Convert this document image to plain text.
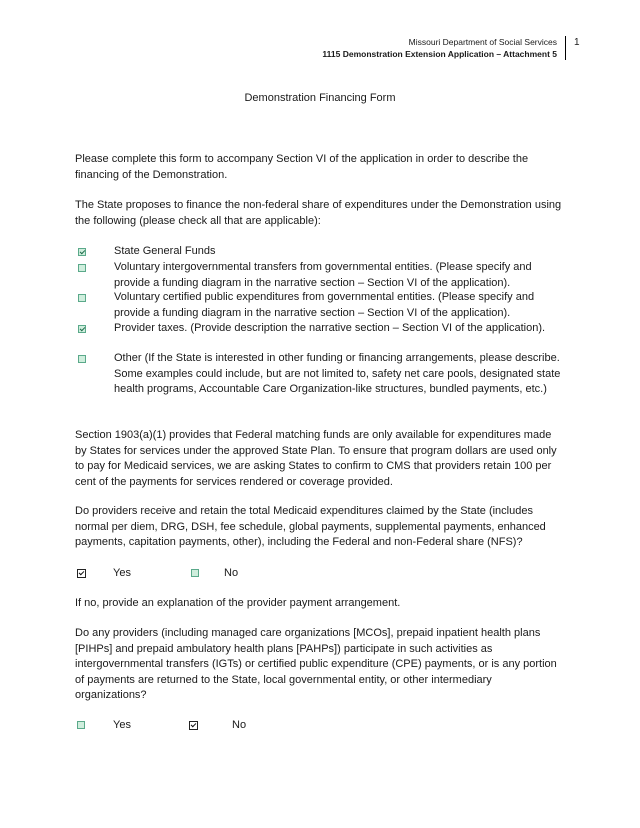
Missouri Department of Social Services
1115 Demonstration Extension Application – Attachment 5
1
Demonstration Financing Form

Please complete this form to accompany Section VI of the application in order to describe the financing of the Demonstration.

The State proposes to finance the non-federal share of expenditures under the Demonstration using the following (please check all that are applicable):

State General Funds
Voluntary intergovernmental transfers from governmental entities. (Please specify and provide a funding diagram in the narrative section – Section VI of the application).
Voluntary certified public expenditures from governmental entities. (Please specify and provide a funding diagram in the narrative section – Section VI of the application).
Provider taxes. (Provide description the narrative section – Section VI of the application).
Other (If the State is interested in other funding or financing arrangements, please describe. Some examples could include, but are not limited to, safety net care pools, designated state health programs, Accountable Care Organization-like structures, bundled payments, etc.)

Section 1903(a)(1) provides that Federal matching funds are only available for expenditures made by States for services under the approved State Plan. To ensure that program dollars are used only to pay for Medicaid services, we are asking States to confirm to CMS that providers retain 100 per cent of the payments for services rendered or coverage provided.

Do providers receive and retain the total Medicaid expenditures claimed by the State (includes normal per diem, DRG, DSH, fee schedule, global payments, supplemental payments, enhanced payments, capitation payments, other), including the Federal and non-Federal share (NFS)?

Yes	No

If no, provide an explanation of the provider payment arrangement.

Do any providers (including managed care organizations [MCOs], prepaid inpatient health plans [PIHPs] and prepaid ambulatory health plans [PAHPs]) participate in such activities as intergovernmental transfers (IGTs) or certified public expenditure (CPE) payments, or is any portion of payments are returned to the State, local governmental entity, or other intermediary organizations?

Yes	No
